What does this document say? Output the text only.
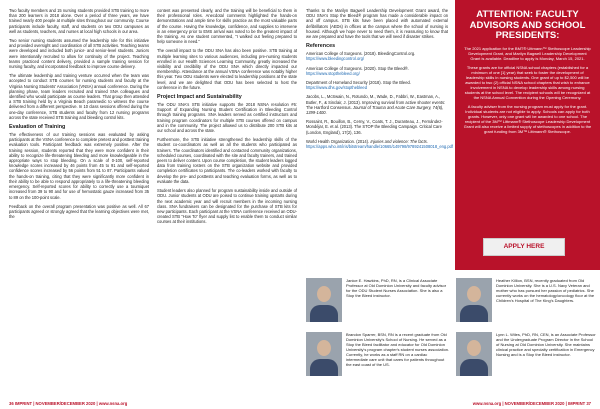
Two faculty members and 15 nursing students provided STB training to more than 200 learners in 2018 alone. Over a period of three years, we have trained nearly 400 people at multiple sites throughout our community. Course participants include faculty, staff, and students on two ODU campuses as well as students, teachers, and nurses at local high schools in our area.

Two senior nursing students assumed the leadership role for this initiative and provided oversight and coordination of all STB activities. Teaching teams were developed and included both junior- and senior-level students. Juniors were intentionally recruited to allow for continuity of the project. Teaching teams practiced content delivery, provided a sample training session for nursing faculty, and incorporated feedback to improve course delivery.

The ultimate leadership and training venture occurred when the team was accepted to conduct STB courses for nursing students and faculty at the Virginia Nursing Students' Association (VNSA) annual conference. During the planning phase, team leaders recruited and trained SNA colleagues and identified who would participate as course leaders. That group then attended a STB training held by a Virginia Beach paramedic to witness the course delivered from a different perspective. In 10 class sessions offered during the one-day conference, STB students and faculty from 12 nursing programs across the state received STB training and bleeding control kits.

Evaluation of Training

The effectiveness of our training sessions was evaluated by asking participants at the VSNA conference to complete pretest and posttest training evaluation tools. Participant feedback was extremely positive. After the training session, students reported that they were more confident in their ability to recognize life-threatening bleeding and more knowledgeable in the appropriate ways to stop bleeding. On a scale of 0-100, self-reported knowledge scores increased by 46 points from 45 to 91 and self-reported confidence scores increased by 56 points from 51 to 87. Participants valued the hands-on training, citing that they were significantly more confident in their ability to be able to respond appropriately to a life-threatening bleeding emergency. Self-reported scores for ability to correctly use a tourniquet increased from 39 to 90 and for use of hemostatic gauze increased from 35 to 89 on the 100-point scale.

Feedback on the overall program presentation was positive as well. All 67 participants agreed or strongly agreed that the learning objectives were met, the

content was presented clearly, and the training will be beneficial to them in their professional roles. Anecdotal comments highlighted the hands-on demonstrations and ample time for skills practice as the most valuable parts of the course. Having the knowledge, confidence, and supplies to intervene in an emergency prior to EMS arrival was noted to be the greatest impact of the training. As one student commented, "I walked out feeling prepared to help someone in need."

The overall impact to the ODU SNA has also been positive. STB training at multiple learning sites to various audiences, including pre-nursing students enrolled in our Health Sciences Learning Community, greatly increased the visibility and credibility of the ODU SNA which directly impacted our membership. Attendance at the annual VSNA conference was notably higher this year. Two ODU students were elected to leadership positions at the state level, and we are delighted that ODU has been selected to host the conference in the future.

Project Impact and Sustainability

The ODU SNA's STB initiative supports the 2018 NSNA resolution #6: Support of Expanding Nursing Student Certification in Bleeding Control through training programs. SNA leaders served as certified instructors and training program coordinators for multiple STB courses offered on campus and in the community. The project allowed us to distribute 200 STB kits at our school and across the state.

Furthermore, the STB initiative strengthened the leadership skills of the student co-coordinators as well as all the students who participated as trainers. The coordinators identified and contacted community organizations, scheduled courses, coordinated with the site and faculty trainers, and trained peers to deliver content. Upon course completion, the student leaders logged data from training rosters on the STB organization website and provided completion certificates to participants. The co-leaders worked with faculty to develop the pre- and posttests and teaching evaluation forms, as well as to evaluate the data.

Student leaders also planned for program sustainability inside and outside of ODU. Junior students at ODU are poised to continue training upstarts during the next academic year and will recruit members in the incoming nursing class. SNA fundraisers can be designated for the purchase of STB kits for new participants. Each participant at the VSNA conference received an ODU-created STB "How To" flyer and supply list to enable them to conduct similar courses at their institutions.

Thanks to the Marilyn Bagwell Leadership Development Grant award, the ODU SNA's Stop the Bleed® program has made a considerable impact on and off campus. STB kits have been placed with automated external defibrillators (AEDs) in offices at the campus where the school of nursing is housed. Although we hope never to need them, it is reassuring to know that we are prepared and have the tools that we will need if disaster strikes.

References
American College of Surgeons. (2018). BleedingControl.org. https://www.bleedingcontrol.org/
American College of Surgeons. (2020). Stop the Bleed®. https://www.stopthebleed.org/
Department of Homeland Security (2018). Stop the Bleed. https://www.dhs.gov/stopthebleed
Jacobs, L., McSwain, N., Rotundo, M., Wade, D., Fabbri, W., Eastman, A., Butler, F., & Sinclair, J. (2013). Improving survival from active shooter events: The Hartford Consensus. Journal of Trauma and Acute Care Surgery, 74(6), 1399-1400.
Rossaint, R., Bouillon, B., Cerny, V., Coats, T. J., Duranteau, J., Fernández-Mondéjar, E. et al. (2013). The STOP the Bleeding Campaign. Critical Care (London, England), 17(2), 136.
World Health Organization. (2014). Injuries and violence: The facts. https://apps.who.int/iris/bitstream/handle/10665/149798/9789241508018_eng.pdf
ATTENTION: FACULTY ADVISORS AND SCHOOL PRESIDENTS:

The 2021 application for the BMT® Uttmann™ Stethoscope Leadership Development Grant, and Marilyn Bagwell Leadership Development Grant is available. Deadline to apply is Monday, March 15, 2021.

These grants are for official NSNA school chapters (established for a minimum of one [1] year) that seek to foster the development of leadership skills in nursing students. One grant of up to $2,500 will be awarded to two (2) official NSNA school chapters that wish to enhance involvement in NSNA to develop leadership skills among nursing students at the school level. The recipient schools will be recognized at the NSNA Annual Convention during the Opening Ceremony.

A faculty adviser from the nursing program must apply for the grant. Individual students are not eligible to apply. Schools can apply for both grants. However, only one grant will be awarded to one school. The recipient of the 3M™ Littmann® Stethoscope Leadership Development Grant will also receive a limited supply of stethoscopes in addition to the grant funding from 3M™ Littmann® Stethoscope.

APPLY HERE
Janice E. Hawkins, PhD, RN, is a Clinical Associate Professor at Old Dominion University and faculty advisor for the ODU Student Nurses Association. She is also a Stop the Bleed instructor.
Heather Killion, BSN, recently graduated from Old Dominion University. She is a U.S. Navy Veteran and mother who has pursued her passion of pediatrics. She currently works on the hematology/oncology floor at the Children's Hospital of The King's Daughters.
Brandon Sparrer, BSN, RN is a recent graduate from Old Dominion University's School of Nursing. He served as a Stop the Bleed facilitator and educator for Old Dominion University's program chapter's student nurses association. Currently, he works as a staff RN on a cardiac intermediate care unit that cares for patients throughout the east coast of the US.
Lynn L. Wiles, PhD, RN, CEN, is an Associate Professor and the Undergraduate Program Director in the School of Nursing at Old Dominion University. She maintains clinical practice and specialty certification in Emergency Nursing and is a Stop the Bleed instructor.
36 IMPRINT | NOVEMBER/DECEMBER 2020 | www.nsna.org	www.nsna.org | NOVEMBER/DECEMBER 2020 | IMPRINT 37
